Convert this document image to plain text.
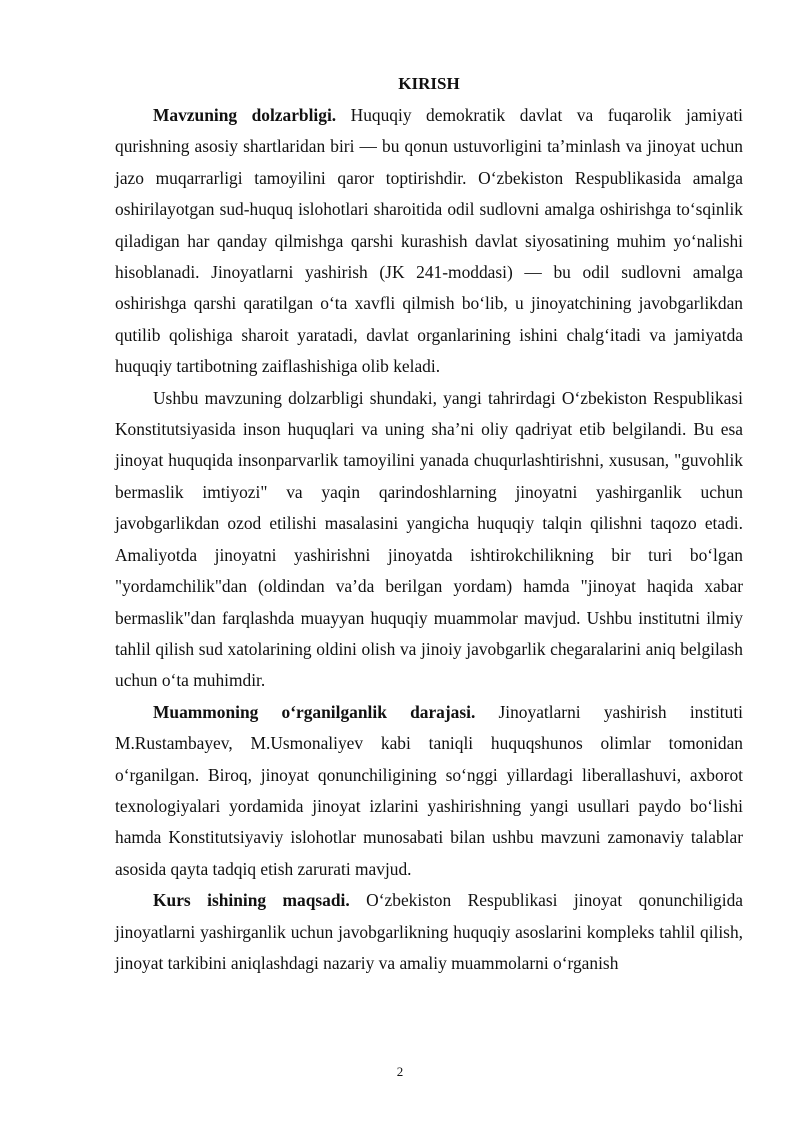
KIRISH

Mavzuning dolzarbligi. Huquqiy demokratik davlat va fuqarolik jamiyati qurishning asosiy shartlaridan biri — bu qonun ustuvorligini ta’minlash va jinoyat uchun jazo muqarrarligi tamoyilini qaror toptirishdir. O‘zbekiston Respublikasida amalga oshirilayotgan sud-huquq islohotlari sharoitida odil sudlovni amalga oshirishga to‘sqinlik qiladigan har qanday qilmishga qarshi kurashish davlat siyosatining muhim yo‘nalishi hisoblanadi. Jinoyatlarni yashirish (JK 241-moddasi) — bu odil sudlovni amalga oshirishga qarshi qaratilgan o‘ta xavfli qilmish bo‘lib, u jinoyatchining javobgarlikdan qutilib qolishiga sharoit yaratadi, davlat organlarining ishini chalg‘itadi va jamiyatda huquqiy tartibotning zaiflashishiga olib keladi.

Ushbu mavzuning dolzarbligi shundaki, yangi tahrirdagi O‘zbekiston Respublikasi Konstitutsiyasida inson huquqlari va uning sha’ni oliy qadriyat etib belgilandi. Bu esa jinoyat huquqida insonparvarlik tamoyilini yanada chuqurlashtirishni, xususan, "guvohlik bermaslik imtiyozi" va yaqin qarindoshlarning jinoyatni yashirganlik uchun javobgarlikdan ozod etilishi masalasini yangicha huquqiy talqin qilishni taqozo etadi. Amaliyotda jinoyatni yashirishni jinoyatda ishtirokchilikning bir turi bo‘lgan "yordamchilik"dan (oldindan va’da berilgan yordam) hamda "jinoyat haqida xabar bermaslik"dan farqlashda muayyan huquqiy muammolar mavjud. Ushbu institutni ilmiy tahlil qilish sud xatolarining oldini olish va jinoiy javobgarlik chegaralarini aniq belgilash uchun o‘ta muhimdir.

Muammoning o‘rganilganlik darajasi. Jinoyatlarni yashirish instituti M.Rustambayev, M.Usmonaliyev kabi taniqli huquqshunos olimlar tomonidan o‘rganilgan. Biroq, jinoyat qonunchiligining so‘nggi yillardagi liberallashuvi, axborot texnologiyalari yordamida jinoyat izlarini yashirishning yangi usullari paydo bo‘lishi hamda Konstitutsiyaviy islohotlar munosabati bilan ushbu mavzuni zamonaviy talablar asosida qayta tadqiq etish zarurati mavjud.

Kurs ishining maqsadi. O‘zbekiston Respublikasi jinoyat qonunchiligida jinoyatlarni yashirganlik uchun javobgarlikning huquqiy asoslarini kompleks tahlil qilish, jinoyat tarkibini aniqlashdagi nazariy va amaliy muammolarni o‘rganish

2
